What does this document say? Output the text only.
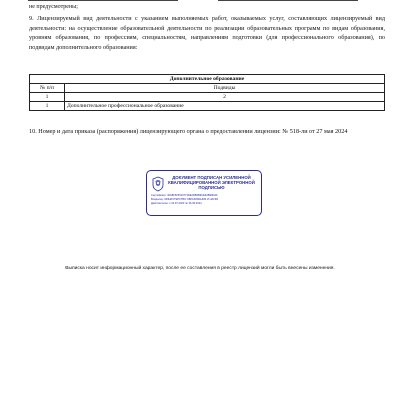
не предусмотрены;
9. Лицензируемый вид деятельности с указанием выполняемых работ, оказываемых услуг, составляющих лицензируемый вид деятельности: на осуществление образовательной деятельности по реализации образовательных программ по видам образования, уровням образования, по профессиям, специальностям, направлениям подготовки (для профессионального образования), по подвидам дополнительного образования:
Дополнительное образование	
№ п/п	Подвиды
1	2
1	Дополнительное профессиональное образование
10. Номер и дата приказа (распоряжения) лицензирующего органа о предоставлении лицензии: № 518-ли от 27 мая 2024
ДОКУМЕНТ ПОДПИСАН УСИЛЕННОЙ КВАЛИФИЦИРОВАННОЙ ЭЛЕКТРОННОЙ ПОДПИСЬЮ
Сертификат: 4FA8F5F6519774DE2DB3B9CE6AB96DAF
Владелец: МИНИСТЕРСТВО ОБРАЗОВАНИЯ И НАУКИ
Действителен: с 04.07.2023 по 26.09.2024
Выписка носит информационный характер, после ее составления в реестр лицензий могли быть внесены изменения.
